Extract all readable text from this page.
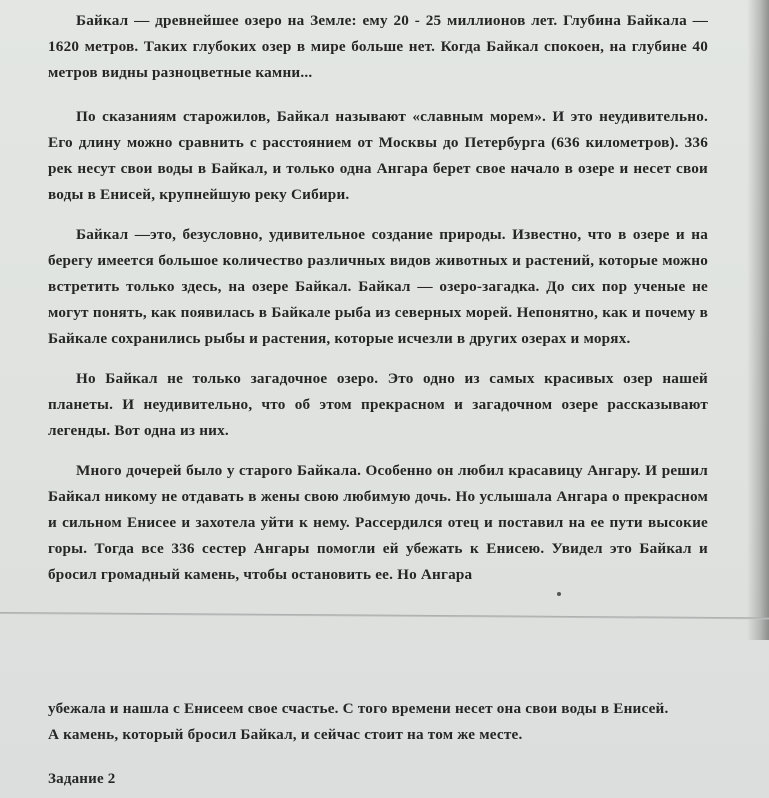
Байкал — древнейшее озеро на Земле: ему 20 - 25 миллионов лет. Глубина Байкала — 1620 метров. Таких глубоких озер в мире больше нет. Когда Байкал спокоен, на глубине 40 метров видны разноцветные камни...

По сказаниям старожилов, Байкал называют «славным морем». И это неудивительно. Его длину можно сравнить с расстоянием от Москвы до Петербурга (636 километров). 336 рек несут свои воды в Байкал, и только одна Ангара берет свое начало в озере и несет свои воды в Енисей, крупнейшую реку Сибири.

Байкал —это, безусловно, удивительное создание природы. Известно, что в озере и на берегу имеется большое количество различных видов животных и растений, которые можно встретить только здесь, на озере Байкал. Байкал — озеро-загадка. До сих пор ученые не могут понять, как появилась в Байкале рыба из северных морей. Непонятно, как и почему в Байкале сохранились рыбы и растения, которые исчезли в других озерах и морях.

Но Байкал не только загадочное озеро. Это одно из самых красивых озер нашей планеты. И неудивительно, что об этом прекрасном и загадочном озере рассказывают легенды. Вот одна из них.

Много дочерей было у старого Байкала. Особенно он любил красавицу Ангару. И решил Байкал никому не отдавать в жены свою любимую дочь. Но услышала Ангара о прекрасном и сильном Енисее и захотела уйти к нему. Рассердился отец и поставил на ее пути высокие горы. Тогда все 336 сестер Ангары помогли ей убежать к Енисею. Увидел это Байкал и бросил громадный камень, чтобы остановить ее. Но Ангара

убежала и нашла с Енисеем свое счастье. С того времени несет она свои воды в Енисей.

А камень, который бросил Байкал, и сейчас стоит на том же месте.

Задание 2
